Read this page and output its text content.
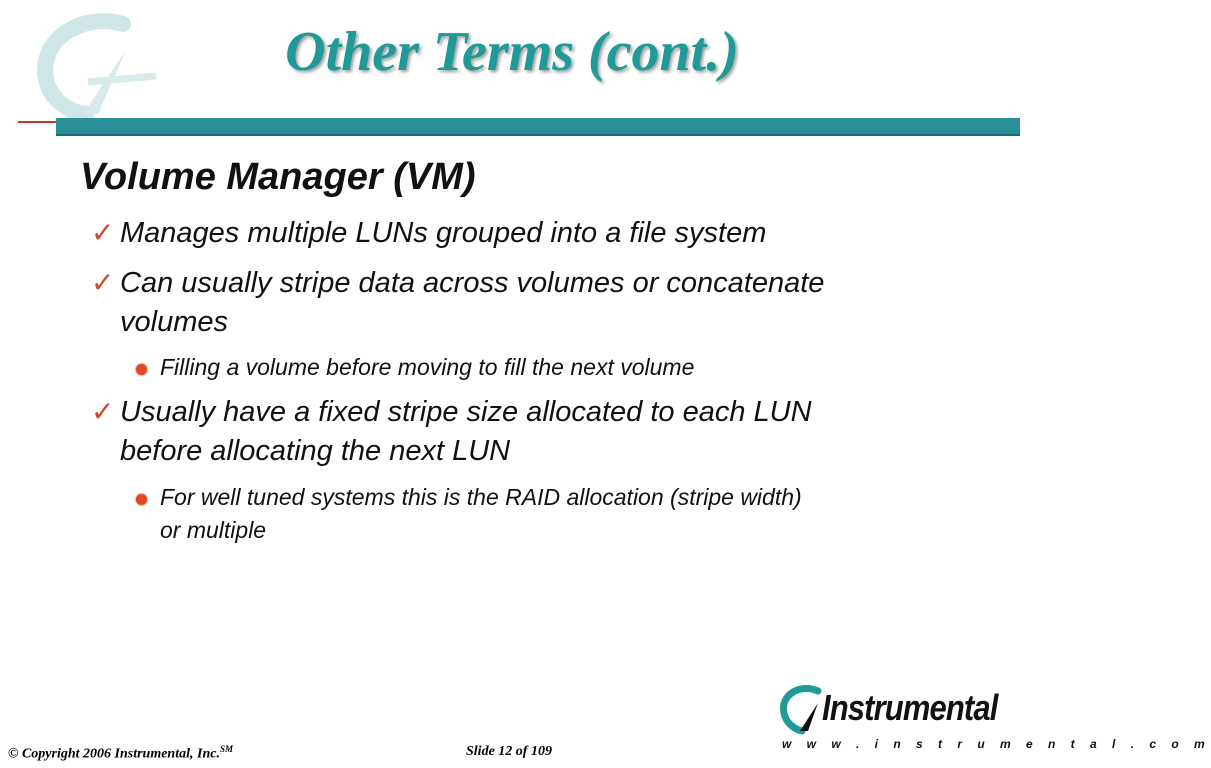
Other Terms (cont.)
Volume Manager (VM)
✓ Manages multiple LUNs grouped into a file system
✓ Can usually stripe data across volumes or concatenate
volumes
Filling a volume before moving to fill the next volume
✓ Usually have a fixed stripe size allocated to each LUN
before allocating the next LUN
For well tuned systems this is the RAID allocation (stripe width)
or multiple
Instrumental
w w w . i n s t r u m e n t a l . c o m
© Copyright 2006 Instrumental, Inc.℠	Slide 12 of 109
